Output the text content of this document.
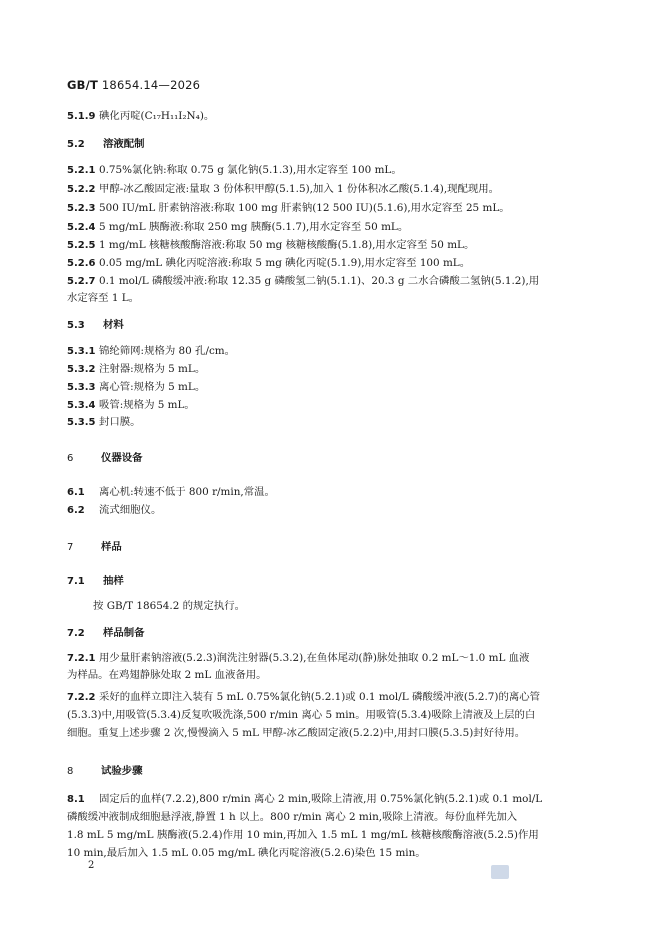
GB/T 18654.14—2026
5.1.9 碘化丙啶(C₁₇H₁₁I₂N₄)。
5.2 溶液配制
5.2.1 0.75%氯化钠:称取 0.75 g 氯化钠(5.1.3),用水定容至 100 mL。
5.2.2 甲醇-冰乙酸固定液:量取 3 份体积甲醇(5.1.5),加入 1 份体积冰乙酸(5.1.4),现配现用。
5.2.3 500 IU/mL 肝素钠溶液:称取 100 mg 肝素钠(12 500 IU)(5.1.6),用水定容至 25 mL。
5.2.4 5 mg/mL 胰酶液:称取 250 mg 胰酶(5.1.7),用水定容至 50 mL。
5.2.5 1 mg/mL 核糖核酸酶溶液:称取 50 mg 核糖核酸酶(5.1.8),用水定容至 50 mL。
5.2.6 0.05 mg/mL 碘化丙啶溶液:称取 5 mg 碘化丙啶(5.1.9),用水定容至 100 mL。
5.2.7 0.1 mol/L 磷酸缓冲液:称取 12.35 g 磷酸氢二钠(5.1.1)、20.3 g 二水合磷酸二氢钠(5.1.2),用
水定容至 1 L。
5.3 材料
5.3.1 锦纶筛网:规格为 80 孔/cm。
5.3.2 注射器:规格为 5 mL。
5.3.3 离心管:规格为 5 mL。
5.3.4 吸管:规格为 5 mL。
5.3.5 封口膜。
6	仪器设备
6.1 离心机:转速不低于 800 r/min,常温。
6.2 流式细胞仪。
7	样品
7.1 抽样
按 GB/T 18654.2 的规定执行。
7.2 样品制备
7.2.1 用少量肝素钠溶液(5.2.3)润洗注射器(5.3.2),在鱼体尾动(静)脉处抽取 0.2 mL～1.0 mL 血液
为样品。在鸡翅静脉处取 2 mL 血液备用。
7.2.2 采好的血样立即注入装有 5 mL 0.75%氯化钠(5.2.1)或 0.1 mol/L 磷酸缓冲液(5.2.7)的离心管
(5.3.3)中,用吸管(5.3.4)反复吹吸洗涤,500 r/min 离心 5 min。用吸管(5.3.4)吸除上清液及上层的白
细胞。重复上述步骤 2 次,慢慢滴入 5 mL 甲醇-冰乙酸固定液(5.2.2)中,用封口膜(5.3.5)封好待用。
8	试验步骤
8.1 固定后的血样(7.2.2),800 r/min 离心 2 min,吸除上清液,用 0.75%氯化钠(5.2.1)或 0.1 mol/L
磷酸缓冲液制成细胞悬浮液,静置 1 h 以上。800 r/min 离心 2 min,吸除上清液。每份血样先加入
1.8 mL 5 mg/mL 胰酶液(5.2.4)作用 10 min,再加入 1.5 mL 1 mg/mL 核糖核酸酶溶液(5.2.5)作用
10 min,最后加入 1.5 mL 0.05 mg/mL 碘化丙啶溶液(5.2.6)染色 15 min。
2
